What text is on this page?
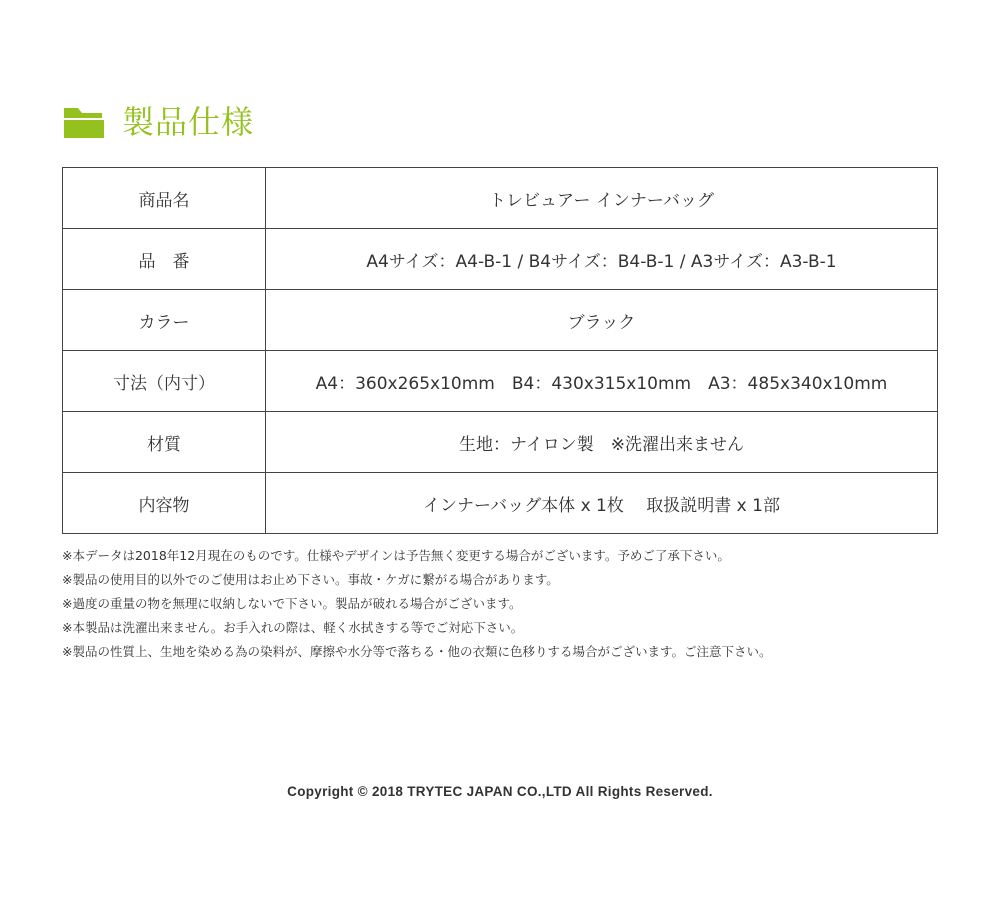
製品仕様
商品名	トレビュアー インナーバッグ
品　番	A4サイズ：A4-B-1 / B4サイズ：B4-B-1 / A3サイズ：A3-B-1
カラー	ブラック
寸法（内寸）	A4：360x265x10mm　B4：430x315x10mm　A3：485x340x10mm
材質	生地：ナイロン製　※洗濯出来ません
内容物	インナーバッグ本体 x 1枚　 取扱説明書 x 1部
※本データは2018年12月現在のものです。仕様やデザインは予告無く変更する場合がございます。予めご了承下さい。
※製品の使用目的以外でのご使用はお止め下さい。事故・ケガに繋がる場合があります。
※過度の重量の物を無理に収納しないで下さい。製品が破れる場合がございます。
※本製品は洗濯出来ません。お手入れの際は、軽く水拭きする等でご対応下さい。
※製品の性質上、生地を染める為の染料が、摩擦や水分等で落ちる・他の衣類に色移りする場合がございます。ご注意下さい。
Copyright © 2018 TRYTEC JAPAN CO.,LTD All Rights Reserved.
